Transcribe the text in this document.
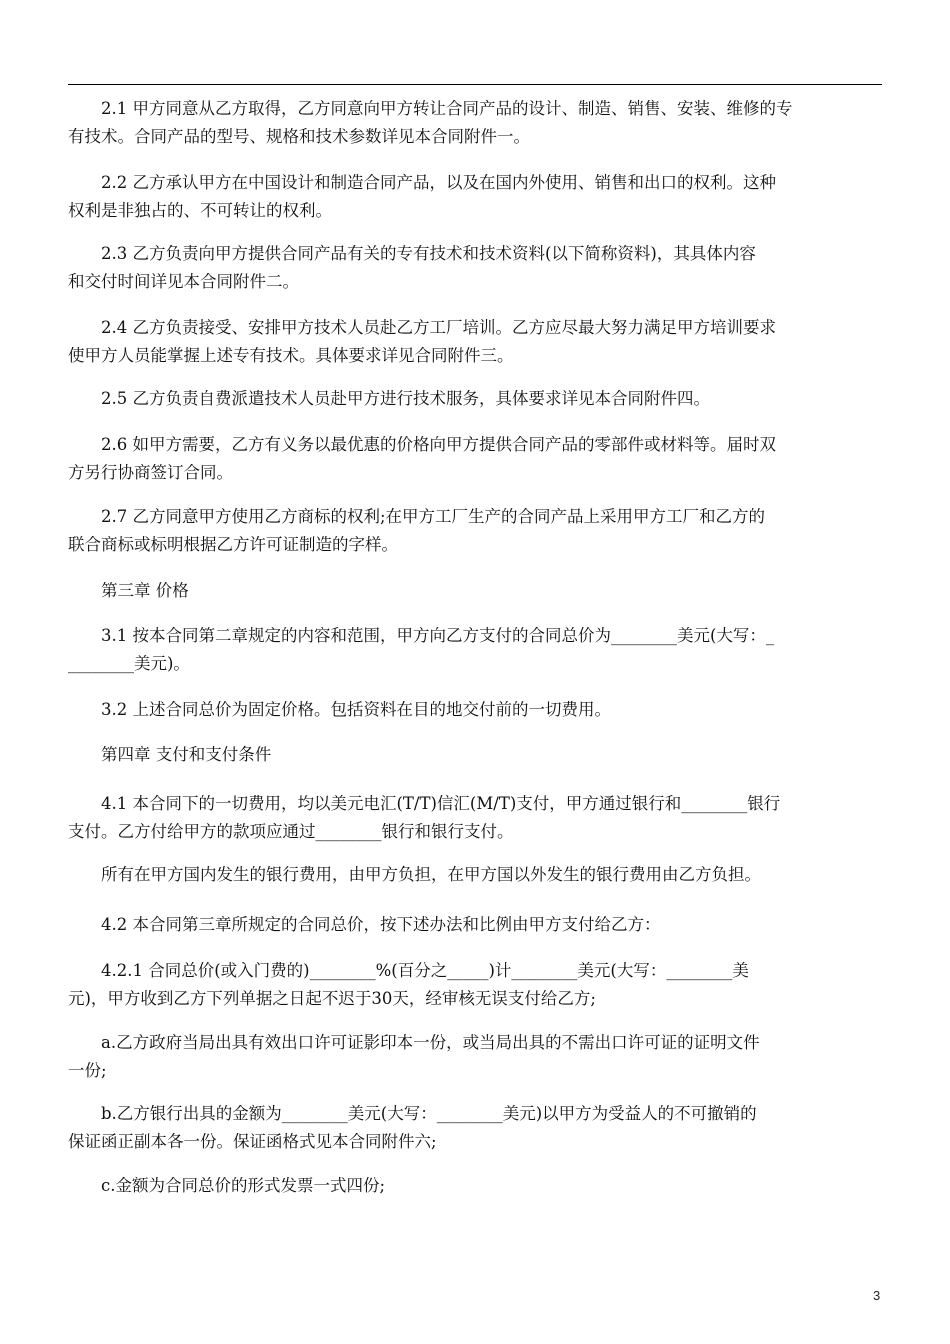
　　2.1 甲方同意从乙方取得，乙方同意向甲方转让合同产品的设计、制造、销售、安装、维修的专
有技术。合同产品的型号、规格和技术参数详见本合同附件一。
　　2.2 乙方承认甲方在中国设计和制造合同产品，以及在国内外使用、销售和出口的权利。这种
权利是非独占的、不可转让的权利。
　　2.3 乙方负责向甲方提供合同产品有关的专有技术和技术资料(以下简称资料)，其具体内容
和交付时间详见本合同附件二。
　　2.4 乙方负责接受、安排甲方技术人员赴乙方工厂培训。乙方应尽最大努力满足甲方培训要求
使甲方人员能掌握上述专有技术。具体要求详见合同附件三。
　　2.5 乙方负责自费派遣技术人员赴甲方进行技术服务，具体要求详见本合同附件四。
　　2.6 如甲方需要，乙方有义务以最优惠的价格向甲方提供合同产品的零部件或材料等。届时双
方另行协商签订合同。
　　2.7 乙方同意甲方使用乙方商标的权利;在甲方工厂生产的合同产品上采用甲方工厂和乙方的
联合商标或标明根据乙方许可证制造的字样。
　　第三章 价格
　　3.1 按本合同第二章规定的内容和范围，甲方向乙方支付的合同总价为________美元(大写：_
________美元)。
　　3.2 上述合同总价为固定价格。包括资料在目的地交付前的一切费用。
　　第四章 支付和支付条件
　　4.1 本合同下的一切费用，均以美元电汇(T/T)信汇(M/T)支付，甲方通过银行和________银行
支付。乙方付给甲方的款项应通过________银行和银行支付。
　　所有在甲方国内发生的银行费用，由甲方负担，在甲方国以外发生的银行费用由乙方负担。
　　4.2 本合同第三章所规定的合同总价，按下述办法和比例由甲方支付给乙方：
　　4.2.1 合同总价(或入门费的)________%(百分之_____)计________美元(大写：________美
元)，甲方收到乙方下列单据之日起不迟于30天，经审核无误支付给乙方;
　　a.乙方政府当局出具有效出口许可证影印本一份，或当局出具的不需出口许可证的证明文件
一份;
　　b.乙方银行出具的金额为________美元(大写：________美元)以甲方为受益人的不可撤销的
保证函正副本各一份。保证函格式见本合同附件六;
　　c.金额为合同总价的形式发票一式四份;
3
